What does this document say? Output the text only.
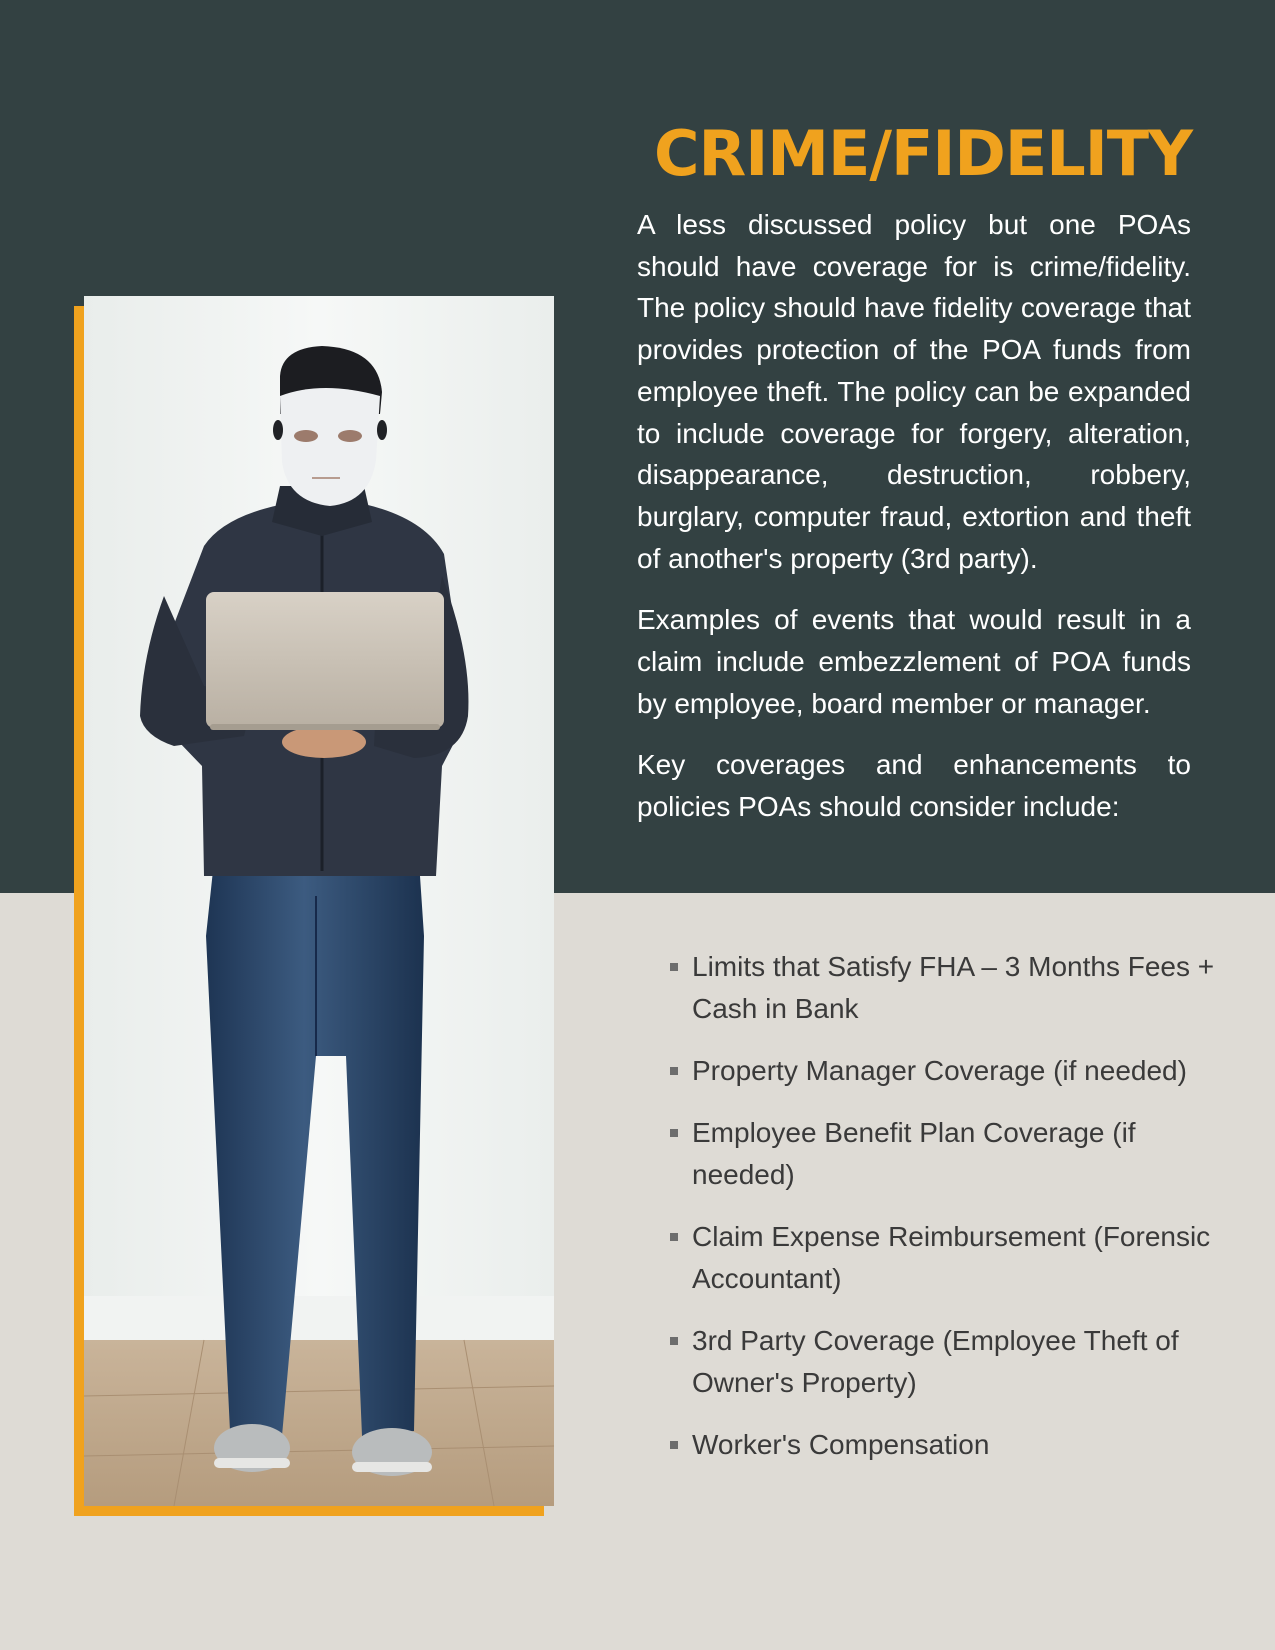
CRIME/FIDELITY

A less discussed policy but one POAs should have coverage for is crime/fidelity. The policy should have fidelity coverage that provides protection of the POA funds from employee theft. The policy can be expanded to include coverage for forgery, alteration, disappearance, destruction, robbery, burglary, computer fraud, extortion and theft of another's property (3rd party).

Examples of events that would result in a claim include embezzlement of POA funds by employee, board member or manager.

Key coverages and enhancements to policies POAs should consider include:

Limits that Satisfy FHA – 3 Months Fees + Cash in Bank
Property Manager Coverage (if needed)
Employee Benefit Plan Coverage (if needed)
Claim Expense Reimbursement (Forensic Accountant)
3rd Party Coverage (Employee Theft of Owner's Property)
Worker's Compensation
